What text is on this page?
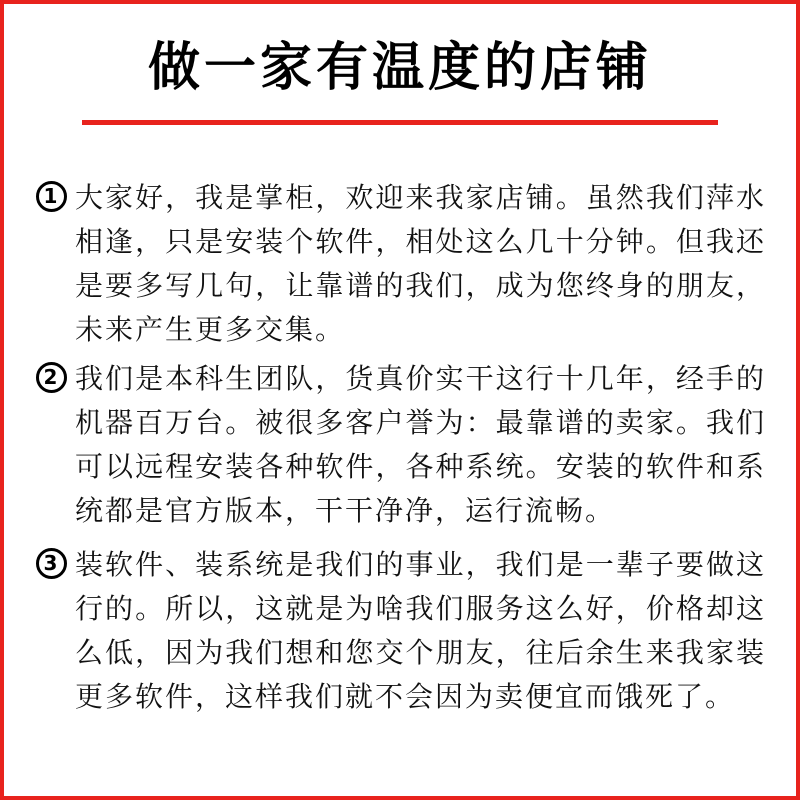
做一家有温度的店铺
1 大家好，我是掌柜，欢迎来我家店铺。虽然我们萍水相逢，只是安装个软件，相处这么几十分钟。但我还是要多写几句，让靠谱的我们，成为您终身的朋友，未来产生更多交集。
2 我们是本科生团队，货真价实干这行十几年，经手的机器百万台。被很多客户誉为：最靠谱的卖家。我们可以远程安装各种软件，各种系统。安装的软件和系统都是官方版本，干干净净，运行流畅。
3 装软件、装系统是我们的事业，我们是一辈子要做这行的。所以，这就是为啥我们服务这么好，价格却这么低，因为我们想和您交个朋友，往后余生来我家装更多软件，这样我们就不会因为卖便宜而饿死了。
